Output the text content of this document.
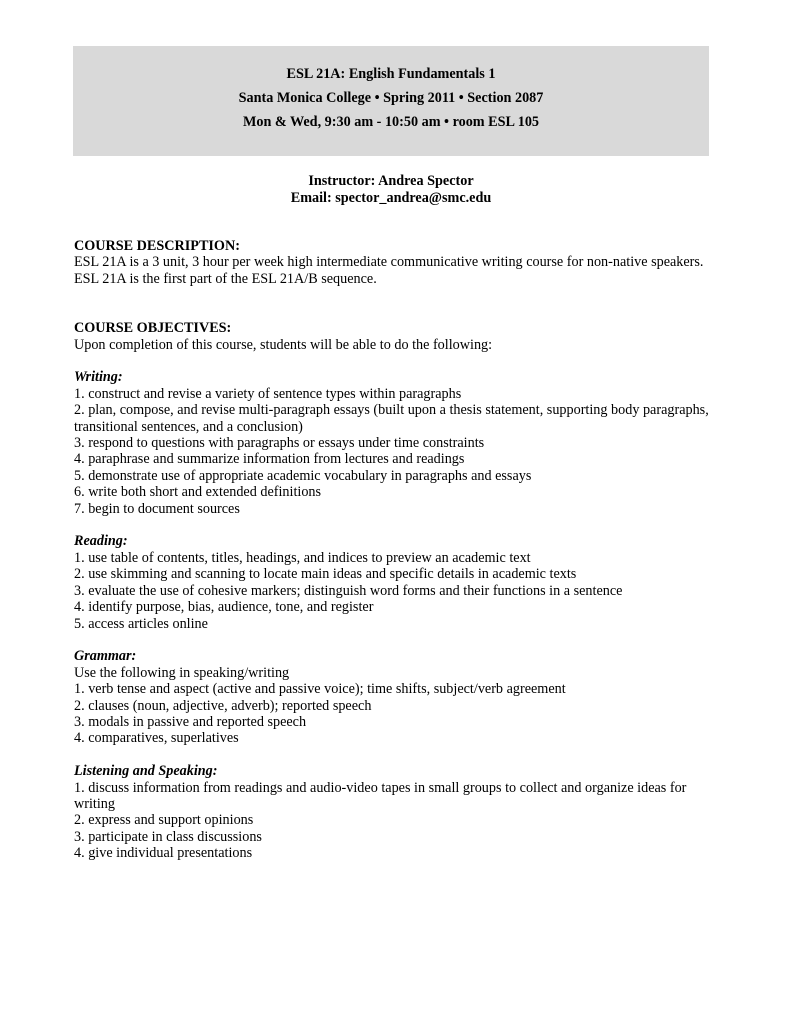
ESL 21A: English Fundamentals 1
Santa Monica College • Spring 2011 • Section 2087
Mon & Wed, 9:30 am - 10:50 am • room ESL 105
Instructor: Andrea Spector
Email: spector_andrea@smc.edu
COURSE DESCRIPTION:
ESL 21A is a 3 unit, 3 hour per week high intermediate communicative writing course for non-native speakers.
ESL 21A is the first part of the ESL 21A/B sequence.
COURSE OBJECTIVES:
Upon completion of this course, students will be able to do the following:
Writing:
1. construct and revise a variety of sentence types within paragraphs
2. plan, compose, and revise multi-paragraph essays (built upon a thesis statement, supporting body paragraphs,
transitional sentences, and a conclusion)
3. respond to questions with paragraphs or essays under time constraints
4. paraphrase and summarize information from lectures and readings
5. demonstrate use of appropriate academic vocabulary in paragraphs and essays
6. write both short and extended definitions
7. begin to document sources
Reading:
1. use table of contents, titles, headings, and indices to preview an academic text
2. use skimming and scanning to locate main ideas and specific details in academic texts
3. evaluate the use of cohesive markers; distinguish word forms and their functions in a sentence
4. identify purpose, bias, audience, tone, and register
5. access articles online
Grammar:
Use the following in speaking/writing
1. verb tense and aspect (active and passive voice); time shifts, subject/verb agreement
2. clauses (noun, adjective, adverb); reported speech
3. modals in passive and reported speech
4. comparatives, superlatives
Listening and Speaking:
1. discuss information from readings and audio-video tapes in small groups to collect and organize ideas for
writing
2. express and support opinions
3. participate in class discussions
4. give individual presentations
